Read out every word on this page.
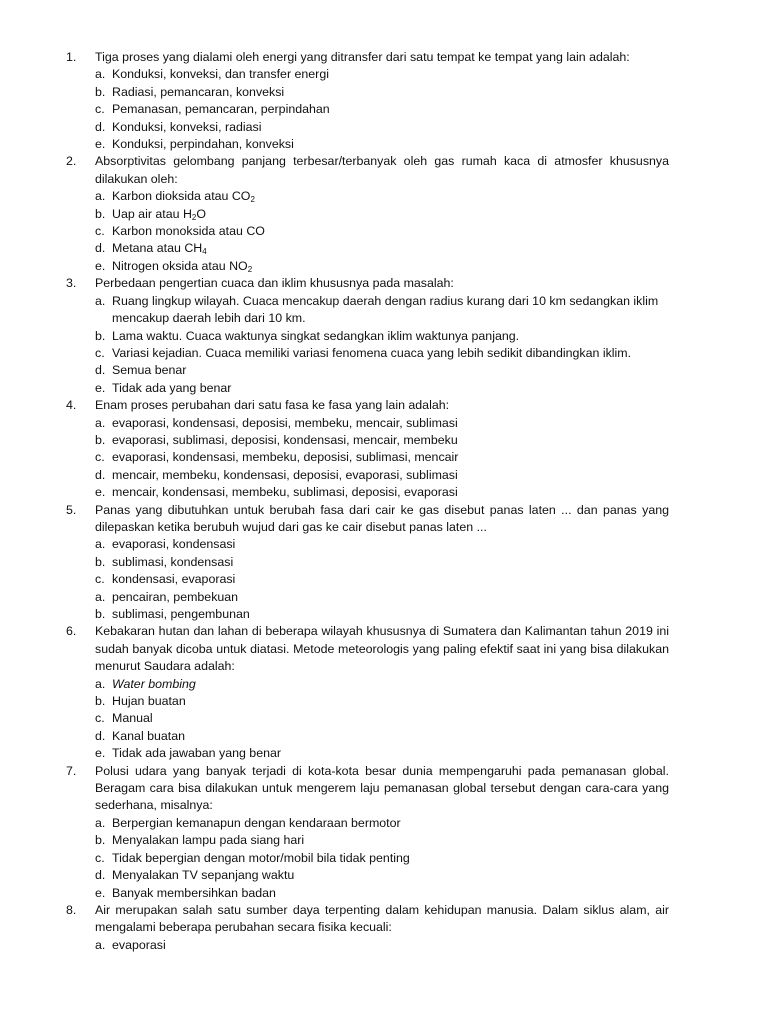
1.	Tiga proses yang dialami oleh energi yang ditransfer dari satu tempat ke tempat yang lain adalah:
a. Konduksi, konveksi, dan transfer energi
b. Radiasi, pemancaran, konveksi
c. Pemanasan, pemancaran, perpindahan
d. Konduksi, konveksi, radiasi
e. Konduksi, perpindahan, konveksi
2.	Absorptivitas gelombang panjang terbesar/terbanyak oleh gas rumah kaca di atmosfer khususnya
dilakukan oleh:
a. Karbon dioksida atau $CO_2$
b. Uap air atau $H_2O$
c. Karbon monoksida atau CO
d. Metana atau $CH_4$
e. Nitrogen oksida atau $NO_2$
3.	Perbedaan pengertian cuaca dan iklim khususnya pada masalah:
a. Ruang lingkup wilayah. Cuaca mencakup daerah dengan radius kurang dari 10 km sedangkan iklim
mencakup daerah lebih dari 10 km.
b. Lama waktu. Cuaca waktunya singkat sedangkan iklim waktunya panjang.
c. Variasi kejadian. Cuaca memiliki variasi fenomena cuaca yang lebih sedikit dibandingkan iklim.
d. Semua benar
e. Tidak ada yang benar
4.	Enam proses perubahan dari satu fasa ke fasa yang lain adalah:
a. evaporasi, kondensasi, deposisi, membeku, mencair, sublimasi
b. evaporasi, sublimasi, deposisi, kondensasi, mencair, membeku
c. evaporasi, kondensasi, membeku, deposisi, sublimasi, mencair
d. mencair, membeku, kondensasi, deposisi, evaporasi, sublimasi
e. mencair, kondensasi, membeku, sublimasi, deposisi, evaporasi
5.	Panas yang dibutuhkan untuk berubah fasa dari cair ke gas disebut panas laten ... dan panas yang
dilepaskan ketika berubuh wujud dari gas ke cair disebut panas laten ...
a. evaporasi, kondensasi
b. sublimasi, kondensasi
c. kondensasi, evaporasi
a. pencairan, pembekuan
b. sublimasi, pengembunan
6.	Kebakaran hutan dan lahan di beberapa wilayah khususnya di Sumatera dan Kalimantan tahun 2019 ini
sudah banyak dicoba untuk diatasi. Metode meteorologis yang paling efektif saat ini yang bisa dilakukan
menurut Saudara adalah:
a. Water bombing
b. Hujan buatan
c. Manual
d. Kanal buatan
e. Tidak ada jawaban yang benar
7.	Polusi udara yang banyak terjadi di kota-kota besar dunia mempengaruhi pada pemanasan global.
Beragam cara bisa dilakukan untuk mengerem laju pemanasan global tersebut dengan cara-cara yang
sederhana, misalnya:
a. Berpergian kemanapun dengan kendaraan bermotor
b. Menyalakan lampu pada siang hari
c. Tidak bepergian dengan motor/mobil bila tidak penting
d. Menyalakan TV sepanjang waktu
e. Banyak membersihkan badan
8.	Air merupakan salah satu sumber daya terpenting dalam kehidupan manusia. Dalam siklus alam, air
mengalami beberapa perubahan secara fisika kecuali:
a. evaporasi
